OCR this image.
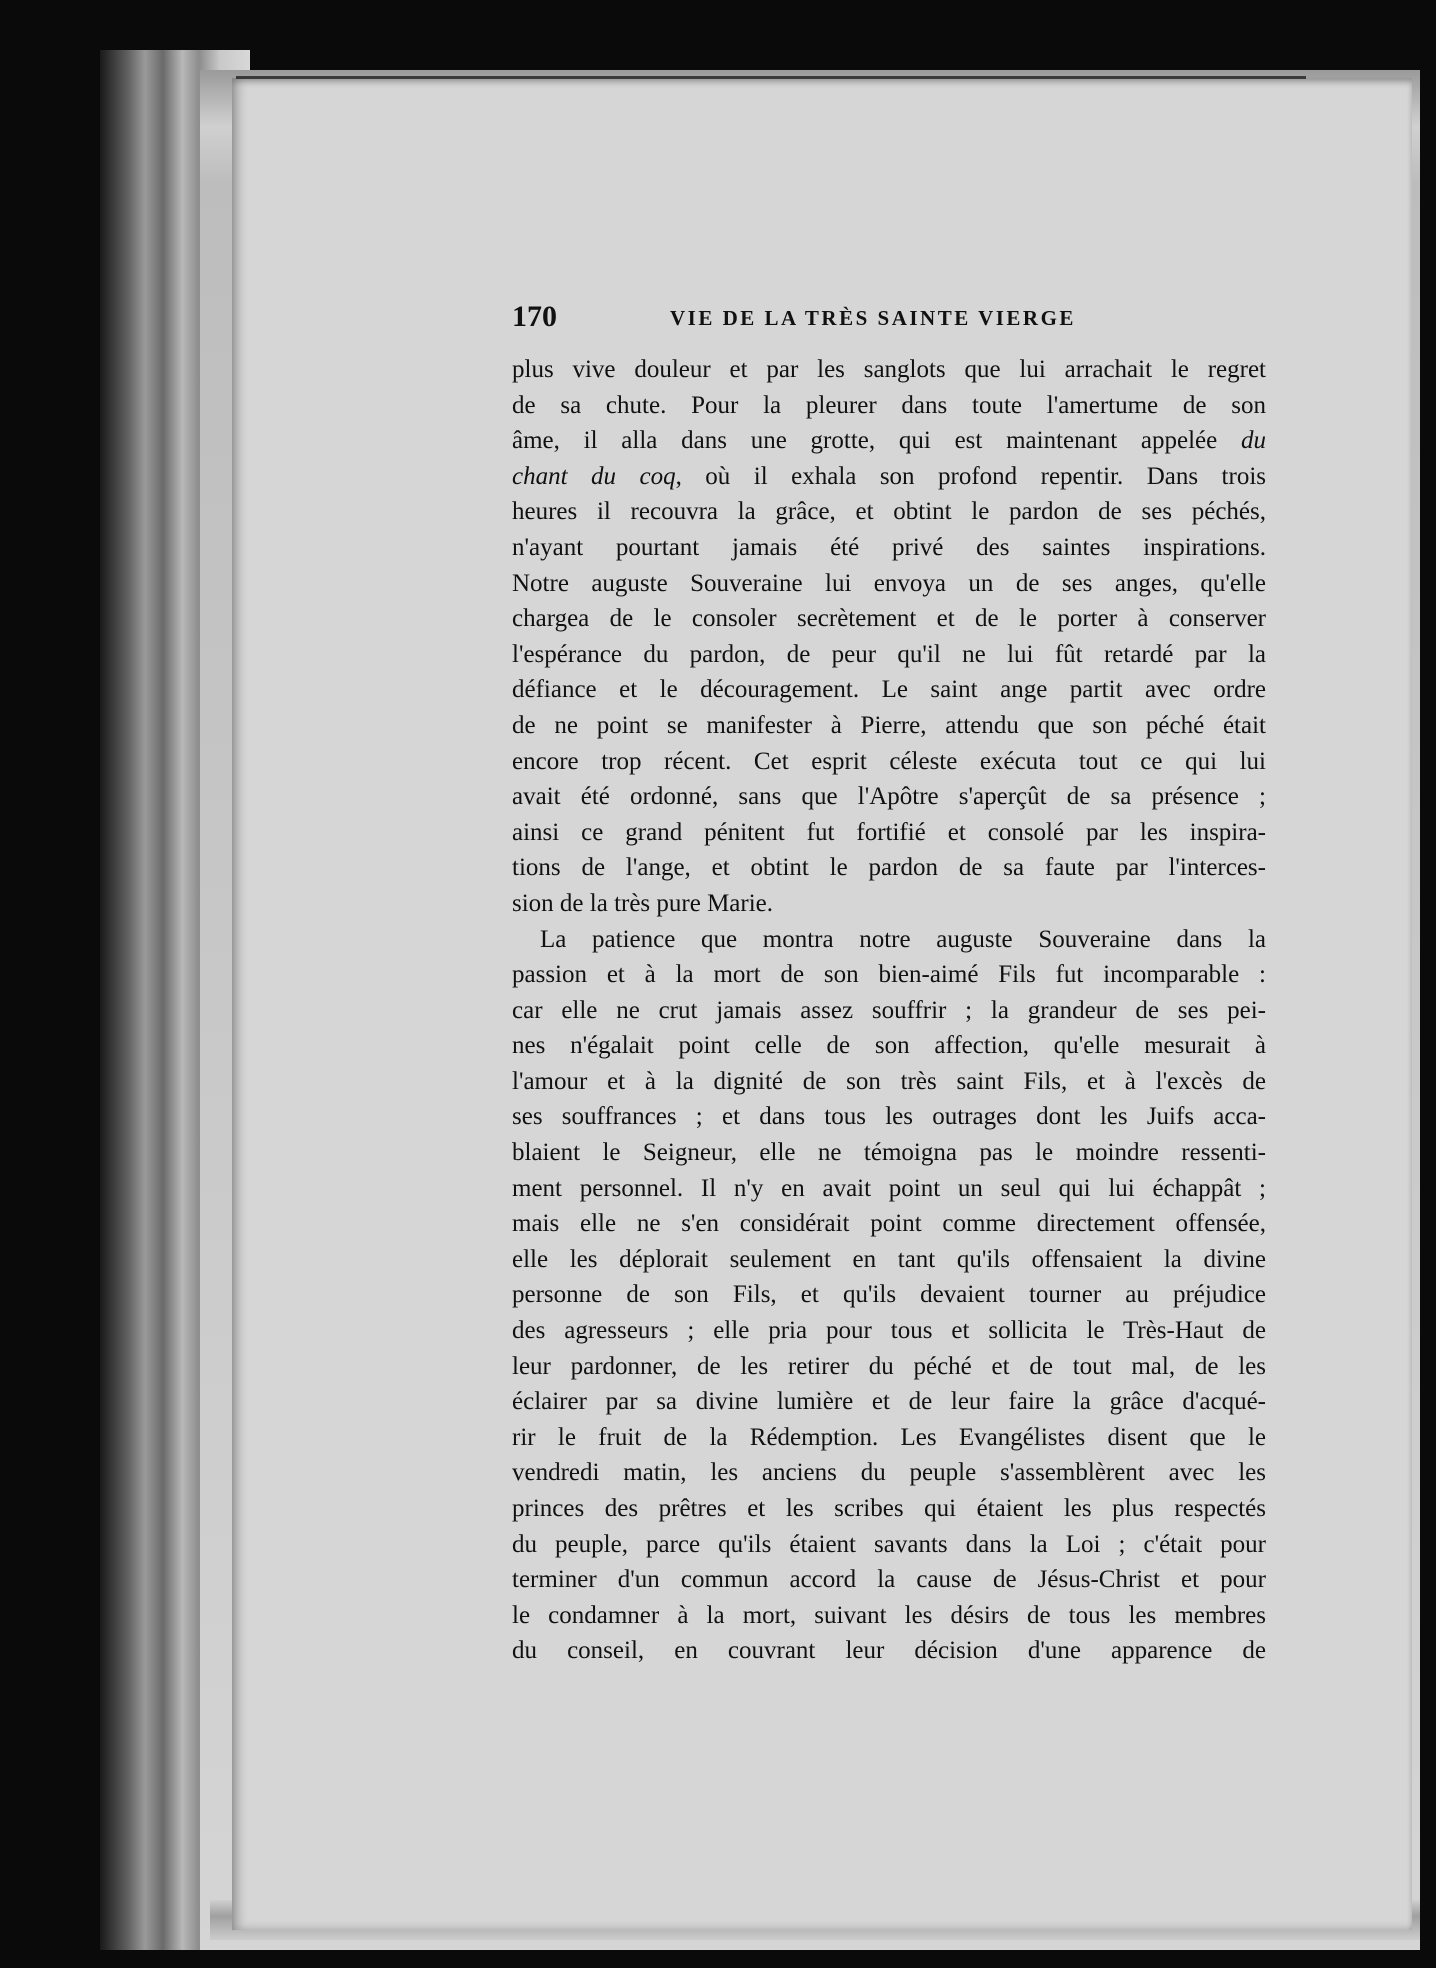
170	VIE DE LA TRÈS SAINTE VIERGE
plus vive douleur et par les sanglots que lui arrachait le regret
de sa chute. Pour la pleurer dans toute l'amertume de son
âme, il alla dans une grotte, qui est maintenant appelée du
chant du coq, où il exhala son profond repentir. Dans trois
heures il recouvra la grâce, et obtint le pardon de ses péchés,
n'ayant pourtant jamais été privé des saintes inspirations.
Notre auguste Souveraine lui envoya un de ses anges, qu'elle
chargea de le consoler secrètement et de le porter à conserver
l'espérance du pardon, de peur qu'il ne lui fût retardé par la
défiance et le découragement. Le saint ange partit avec ordre
de ne point se manifester à Pierre, attendu que son péché était
encore trop récent. Cet esprit céleste exécuta tout ce qui lui
avait été ordonné, sans que l'Apôtre s'aperçût de sa présence ;
ainsi ce grand pénitent fut fortifié et consolé par les inspira-
tions de l'ange, et obtint le pardon de sa faute par l'interces-
sion de la très pure Marie.
La patience que montra notre auguste Souveraine dans la
passion et à la mort de son bien-aimé Fils fut incomparable :
car elle ne crut jamais assez souffrir ; la grandeur de ses pei-
nes n'égalait point celle de son affection, qu'elle mesurait à
l'amour et à la dignité de son très saint Fils, et à l'excès de
ses souffrances ; et dans tous les outrages dont les Juifs acca-
blaient le Seigneur, elle ne témoigna pas le moindre ressenti-
ment personnel. Il n'y en avait point un seul qui lui échappât ;
mais elle ne s'en considérait point comme directement offensée,
elle les déplorait seulement en tant qu'ils offensaient la divine
personne de son Fils, et qu'ils devaient tourner au préjudice
des agresseurs ; elle pria pour tous et sollicita le Très-Haut de
leur pardonner, de les retirer du péché et de tout mal, de les
éclairer par sa divine lumière et de leur faire la grâce d'acqué-
rir le fruit de la Rédemption. Les Evangélistes disent que le
vendredi matin, les anciens du peuple s'assemblèrent avec les
princes des prêtres et les scribes qui étaient les plus respectés
du peuple, parce qu'ils étaient savants dans la Loi ; c'était pour
terminer d'un commun accord la cause de Jésus-Christ et pour
le condamner à la mort, suivant les désirs de tous les membres
du conseil, en couvrant leur décision d'une apparence de
